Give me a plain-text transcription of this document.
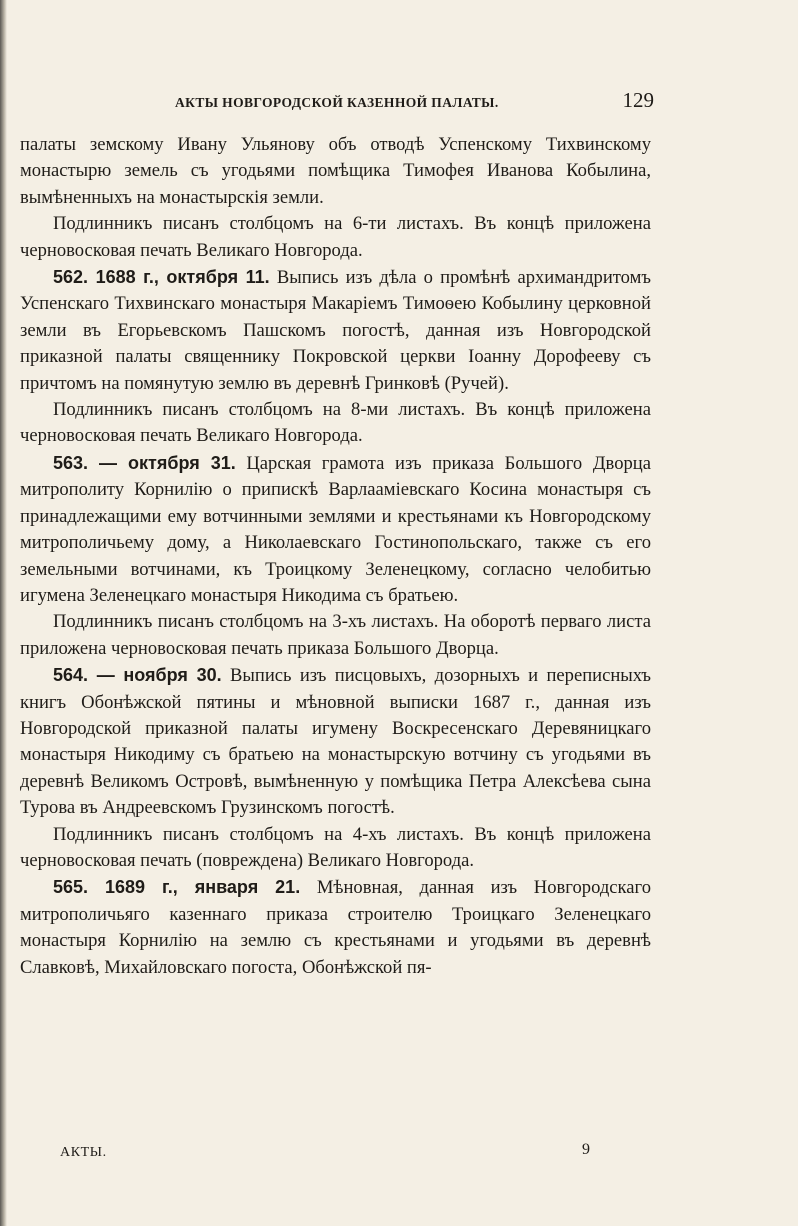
АКТЫ НОВГОРОДСКОЙ КАЗЕННОЙ ПАЛАТЫ.	129

палаты земскому Ивану Ульянову объ отводѣ Успенскому Тихвинскому монастырю земель съ угодьями помѣщика Тимофея Иванова Кобылина, вымѣненныхъ на монастырскія земли.

Подлинникъ писанъ столбцомъ на 6-ти листахъ. Въ концѣ приложена черновосковая печать Великаго Новгорода.

562. 1688 г., октября 11. Выпись изъ дѣла о промѣнѣ архимандритомъ Успенскаго Тихвинскаго монастыря Макаріемъ Тимоѳею Кобылину церковной земли въ Егорьевскомъ Пашскомъ погостѣ, данная изъ Новгородской приказной палаты священнику Покровской церкви Іоанну Дорофееву съ причтомъ на помянутую землю въ деревнѣ Гринковѣ (Ручей).

Подлинникъ писанъ столбцомъ на 8-ми листахъ. Въ концѣ приложена черновосковая печать Великаго Новгорода.

563. — октября 31. Царская грамота изъ приказа Большого Дворца митрополиту Корнилію о припискѣ Варлаамiевскаго Косина монастыря съ принадлежащими ему вотчинными землями и крестьянами къ Новгородскому митрополичьему дому, а Николаевскаго Гостинопольскаго, также съ его земельными вотчинами, къ Троицкому Зеленецкому, согласно челобитью игумена Зеленецкаго монастыря Никодима съ братьею.

Подлинникъ писанъ столбцомъ на 3-хъ листахъ. На оборотѣ перваго листа приложена черновосковая печать приказа Большого Дворца.

564. — ноября 30. Выпись изъ писцовыхъ, дозорныхъ и переписныхъ книгъ Обонѣжской пятины и мѣновной выписки 1687 г., данная изъ Новгородской приказной палаты игумену Воскресенскаго Деревяницкаго монастыря Никодиму съ братьею на монастырскую вотчину съ угодьями въ деревнѣ Великомъ Островѣ, вымѣненную у помѣщика Петра Алексѣева сына Турова въ Андреевскомъ Грузинскомъ погостѣ.

Подлинникъ писанъ столбцомъ на 4-хъ листахъ. Въ концѣ приложена черновосковая печать (повреждена) Великаго Новгорода.

565. 1689 г., января 21. Мѣновная, данная изъ Новгородскаго митрополичьяго казеннаго приказа строителю Троицкаго Зеленецкаго монастыря Корнилію на землю съ крестьянами и угодьями въ деревнѣ Славковѣ, Михайловскаго погоста, Обонѣжской пя-

АКТЫ.	9
